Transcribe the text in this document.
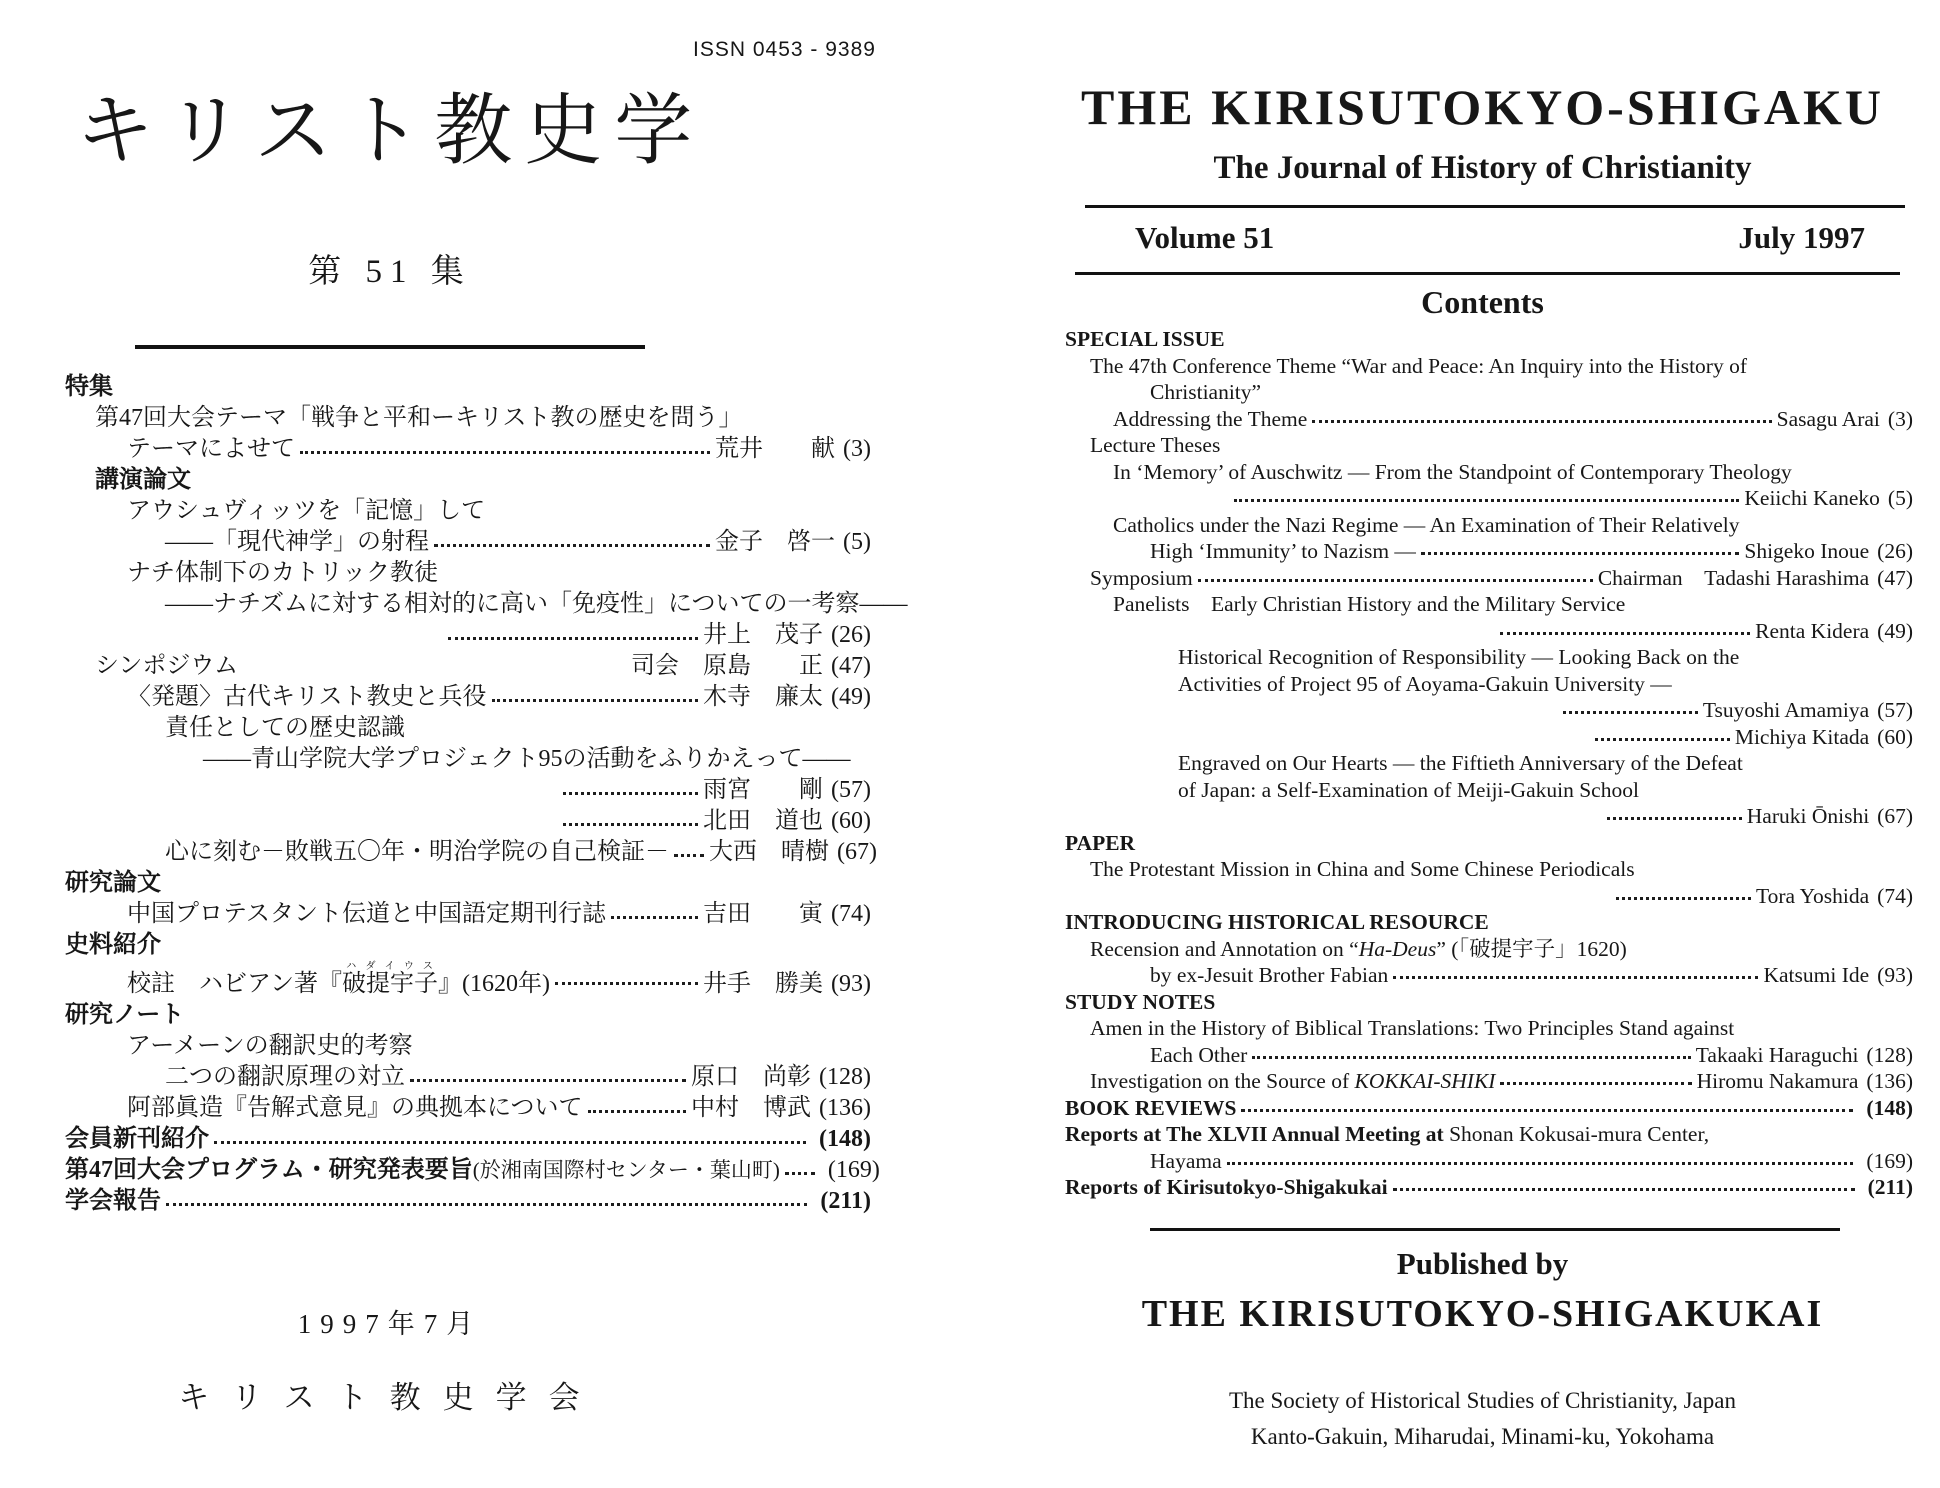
ISSN 0453 - 9389
キリスト教史学
第 51 集
特集
第47回大会テーマ「戦争と平和ーキリスト教の歴史を問う」
テーマによせて	荒井　　献 (3)
講演論文
アウシュヴィッツを「記憶」して
——「現代神学」の射程	金子　啓一 (5)
ナチ体制下のカトリック教徒
——ナチズムに対する相対的に高い「免疫性」についての一考察——
井上　茂子 (26)
シンポジウム	司会　原島　　正 (47)
〈発題〉古代キリスト教史と兵役	木寺　廉太 (49)
責任としての歴史認識
——青山学院大学プロジェクト95の活動をふりかえって——
雨宮　　剛 (57)
北田　道也 (60)
心に刻む－敗戦五〇年・明治学院の自己検証－ 大西　晴樹 (67)
研究論文
中国プロテスタント伝道と中国語定期刊行誌	吉田　　寅 (74)
史料紹介
校註　ハビアン著『破提宇子ハダイウス』(1620年)	井手　勝美 (93)
研究ノート
アーメーンの翻訳史的考察
二つの翻訳原理の対立	原口　尚彰 (128)
阿部眞造『告解式意見』の典拠本について	中村　博武 (136)
会員新刊紹介	(148)
第47回大会プログラム・研究発表要旨(於湘南国際村センター・葉山町)	(169)
学会報告	(211)
1997年7月
キリスト教史学会
THE KIRISUTOKYO-SHIGAKU
The Journal of History of Christianity
Volume 51	July 1997
Contents
SPECIAL ISSUE
The 47th Conference Theme “War and Peace: An Inquiry into the History of
Christianity”
Addressing the Theme	Sasagu Arai (3)
Lecture Theses
In ‘Memory’ of Auschwitz — From the Standpoint of Contemporary Theology
Keiichi Kaneko (5)
Catholics under the Nazi Regime — An Examination of Their Relatively
High ‘Immunity’ to Nazism —	Shigeko Inoue (26)
Symposium	Chairman　Tadashi Harashima (47)
Panelists　Early Christian History and the Military Service
Renta Kidera (49)
Historical Recognition of Responsibility — Looking Back on the
Activities of Project 95 of Aoyama-Gakuin University —
Tsuyoshi Amamiya (57)
Michiya Kitada (60)
Engraved on Our Hearts — the Fiftieth Anniversary of the Defeat
of Japan: a Self-Examination of Meiji-Gakuin School
Haruki Ōnishi (67)
PAPER
The Protestant Mission in China and Some Chinese Periodicals
Tora Yoshida (74)
INTRODUCING HISTORICAL RESOURCE
Recension and Annotation on “Ha-Deus” (「破提宇子」1620)
by ex-Jesuit Brother Fabian	Katsumi Ide (93)
STUDY NOTES
Amen in the History of Biblical Translations: Two Principles Stand against
Each Other	Takaaki Haraguchi (128)
Investigation on the Source of KOKKAI-SHIKI	Hiromu Nakamura (136)
BOOK REVIEWS	(148)
Reports at The XLVII Annual Meeting at Shonan Kokusai-mura Center,
Hayama	(169)
Reports of Kirisutokyo-Shigakukai	(211)
Published by
THE KIRISUTOKYO-SHIGAKUKAI
The Society of Historical Studies of Christianity, Japan
Kanto-Gakuin, Miharudai, Minami-ku, Yokohama
